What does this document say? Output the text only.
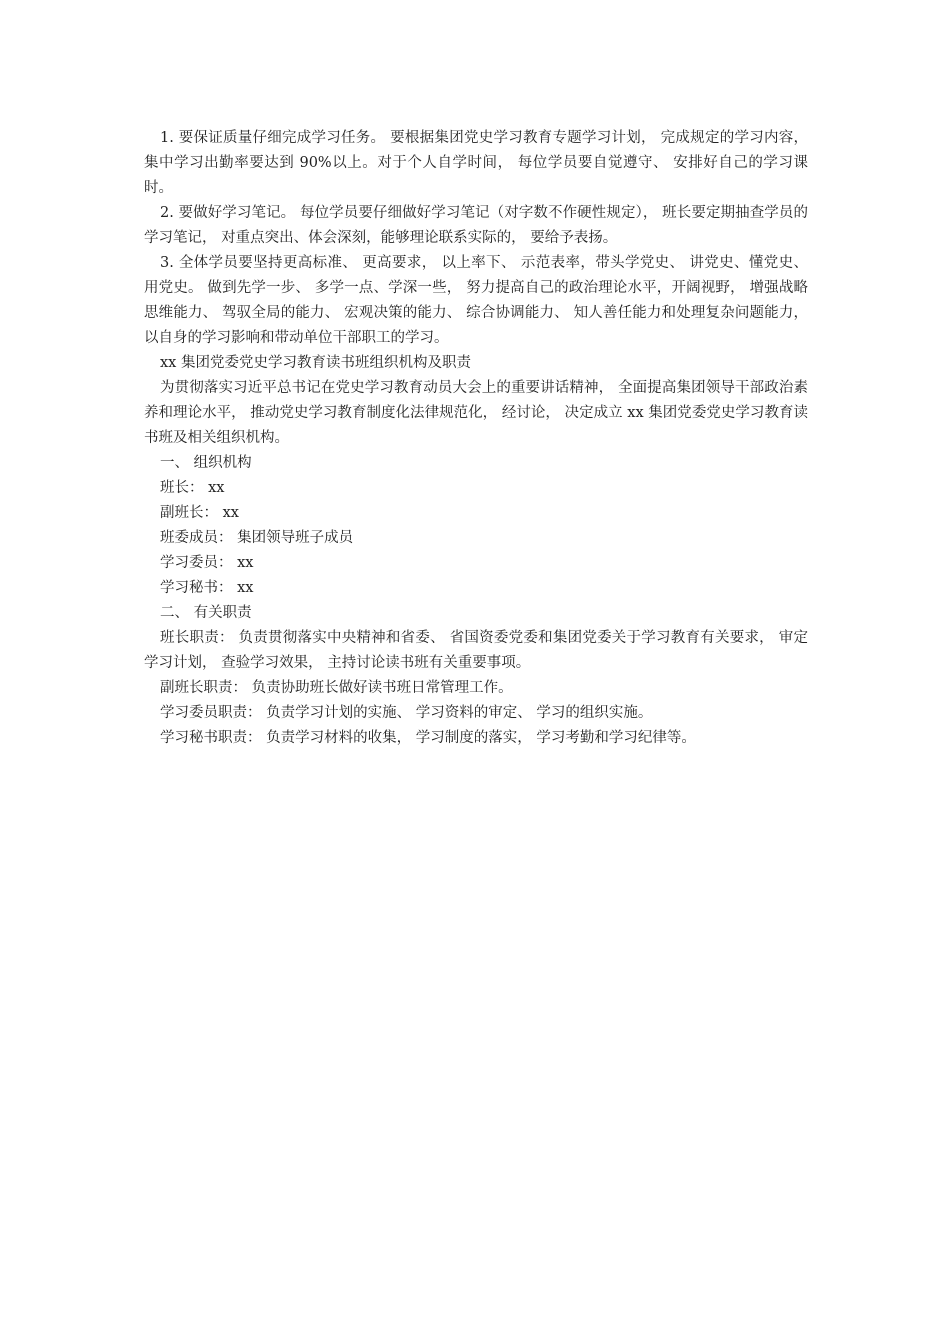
1. 要保证质量仔细完成学习任务。 要根据集团党史学习教育专题学习计划， 完成规定的学习内容， 集中学习出勤率要达到 90%以上。对于个人自学时间， 每位学员要自觉遵守、 安排好自己的学习课时。

2. 要做好学习笔记。 每位学员要仔细做好学习笔记（对字数不作硬性规定）， 班长要定期抽查学员的学习笔记， 对重点突出、体会深刻，能够理论联系实际的， 要给予表扬。

3. 全体学员要坚持更高标准、 更高要求， 以上率下、 示范表率，带头学党史、 讲党史、懂党史、 用党史。 做到先学一步、 多学一点、学深一些， 努力提高自己的政治理论水平，开阔视野， 增强战略思维能力、 驾驭全局的能力、 宏观决策的能力、 综合协调能力、 知人善任能力和处理复杂问题能力， 以自身的学习影响和带动单位干部职工的学习。

xx 集团党委党史学习教育读书班组织机构及职责

为贯彻落实习近平总书记在党史学习教育动员大会上的重要讲话精神， 全面提高集团领导干部政治素养和理论水平， 推动党史学习教育制度化法律规范化， 经讨论， 决定成立 xx 集团党委党史学习教育读书班及相关组织机构。

一、 组织机构

班长： xx

副班长： xx

班委成员： 集团领导班子成员

学习委员： xx

学习秘书： xx

二、 有关职责

班长职责： 负责贯彻落实中央精神和省委、 省国资委党委和集团党委关于学习教育有关要求， 审定学习计划， 查验学习效果， 主持讨论读书班有关重要事项。

副班长职责： 负责协助班长做好读书班日常管理工作。

学习委员职责： 负责学习计划的实施、 学习资料的审定、 学习的组织实施。

学习秘书职责： 负责学习材料的收集， 学习制度的落实， 学习考勤和学习纪律等。
